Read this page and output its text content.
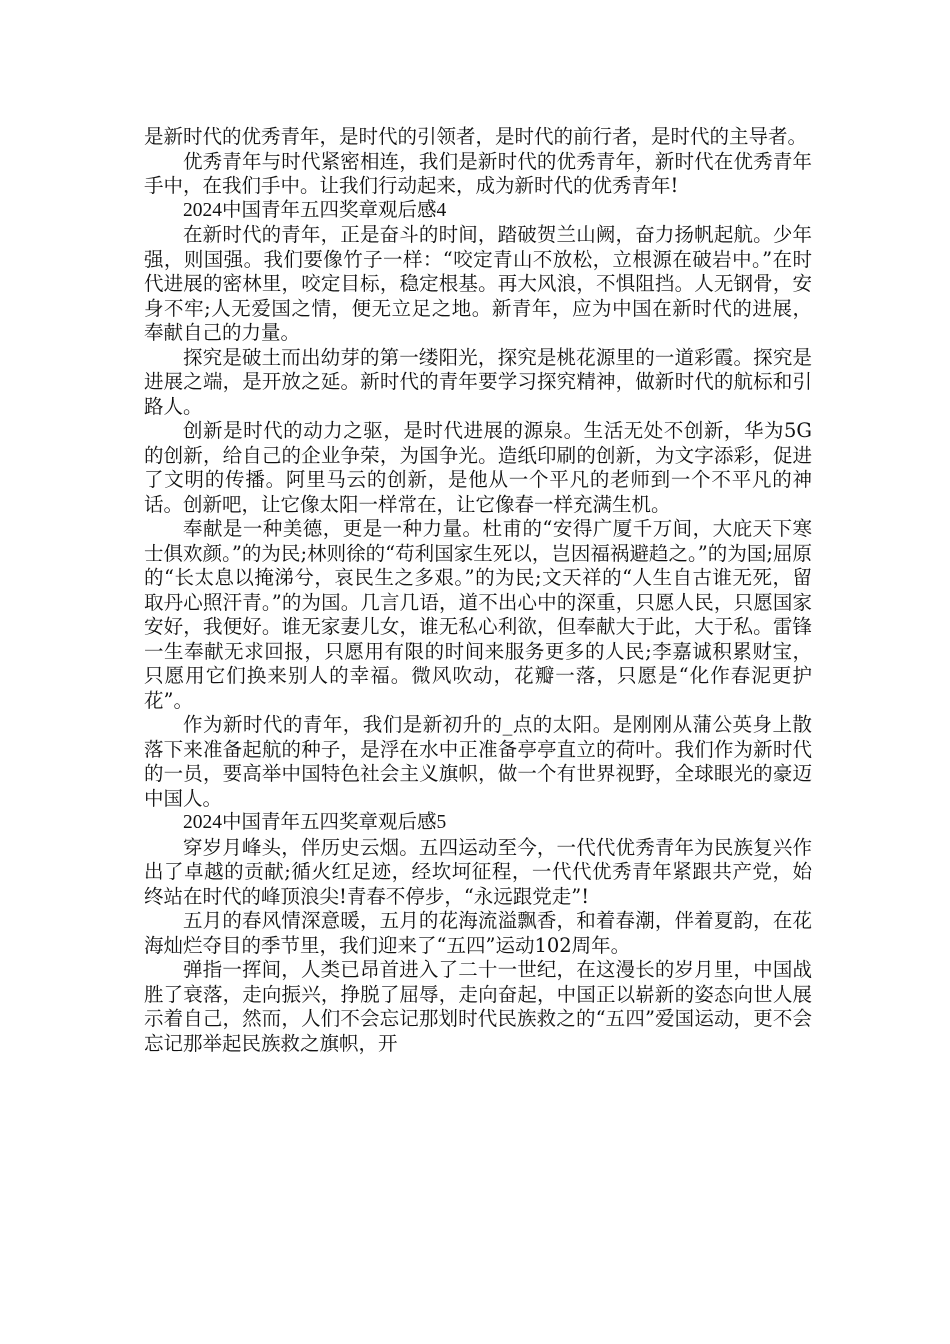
是新时代的优秀青年，是时代的引领者，是时代的前行者，是时代的主导者。

优秀青年与时代紧密相连，我们是新时代的优秀青年，新时代在优秀青年手中，在我们手中。让我们行动起来，成为新时代的优秀青年!

2024中国青年五四奖章观后感4

在新时代的青年，正是奋斗的时间，踏破贺兰山阙，奋力扬帆起航。少年强，则国强。我们要像竹子一样：“咬定青山不放松，立根源在破岩中。”在时代进展的密林里，咬定目标，稳定根基。再大风浪，不惧阻挡。人无钢骨，安身不牢;人无爱国之情，便无立足之地。新青年，应为中国在新时代的进展，奉献自己的力量。

探究是破土而出幼芽的第一缕阳光，探究是桃花源里的一道彩霞。探究是进展之端，是开放之延。新时代的青年要学习探究精神，做新时代的航标和引路人。

创新是时代的动力之驱，是时代进展的源泉。生活无处不创新，华为5G的创新，给自己的企业争荣，为国争光。造纸印刷的创新，为文字添彩，促进了文明的传播。阿里马云的创新，是他从一个平凡的老师到一个不平凡的神话。创新吧，让它像太阳一样常在，让它像春一样充满生机。

奉献是一种美德，更是一种力量。杜甫的“安得广厦千万间，大庇天下寒士俱欢颜。”的为民;林则徐的“苟利国家生死以，岂因福祸避趋之。”的为国;屈原的“长太息以掩涕兮，哀民生之多艰。”的为民;文天祥的“人生自古谁无死，留取丹心照汗青。”的为国。几言几语，道不出心中的深重，只愿人民，只愿国家安好，我便好。谁无家妻儿女，谁无私心利欲，但奉献大于此，大于私。雷锋一生奉献无求回报，只愿用有限的时间来服务更多的人民;李嘉诚积累财宝，只愿用它们换来别人的幸福。微风吹动，花瓣一落，只愿是“化作春泥更护花”。

作为新时代的青年，我们是新初升的_点的太阳。是刚刚从蒲公英身上散落下来准备起航的种子，是浮在水中正准备亭亭直立的荷叶。我们作为新时代的一员，要高举中国特色社会主义旗帜，做一个有世界视野，全球眼光的豪迈中国人。

2024中国青年五四奖章观后感5

穿岁月峰头，伴历史云烟。五四运动至今，一代代优秀青年为民族复兴作出了卓越的贡献;循火红足迹，经坎坷征程，一代代优秀青年紧跟共产党，始终站在时代的峰顶浪尖!青春不停步，“永远跟党走”!

五月的春风情深意暖，五月的花海流溢飘香，和着春潮，伴着夏韵，在花海灿烂夺目的季节里，我们迎来了“五四”运动102周年。

弹指一挥间，人类已昂首进入了二十一世纪，在这漫长的岁月里，中国战胜了衰落，走向振兴，挣脱了屈辱，走向奋起，中国正以崭新的姿态向世人展示着自己，然而，人们不会忘记那划时代民族救之的“五四”爱国运动，更不会忘记那举起民族救之旗帜，开
